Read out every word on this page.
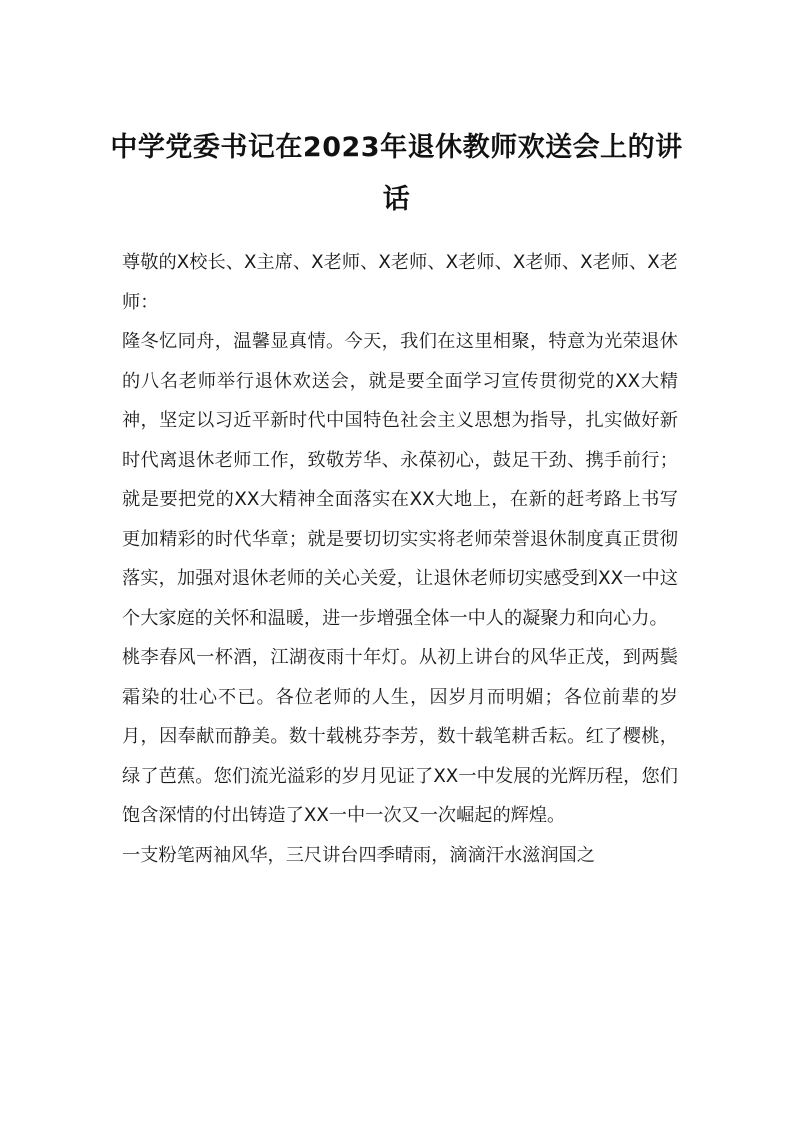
中学党委书记在2023年退休教师欢送会上的讲话

尊敬的X校长、X主席、X老师、X老师、X老师、X老师、X老师、X老师：

隆冬忆同舟，温馨显真情。今天，我们在这里相聚，特意为光荣退休的八名老师举行退休欢送会，就是要全面学习宣传贯彻党的XX大精神，坚定以习近平新时代中国特色社会主义思想为指导，扎实做好新时代离退休老师工作，致敬芳华、永葆初心，鼓足干劲、携手前行；就是要把党的XX大精神全面落实在XX大地上，在新的赶考路上书写更加精彩的时代华章；就是要切切实实将老师荣誉退休制度真正贯彻落实，加强对退休老师的关心关爱，让退休老师切实感受到XX一中这个大家庭的关怀和温暖，进一步增强全体一中人的凝聚力和向心力。

桃李春风一杯酒，江湖夜雨十年灯。从初上讲台的风华正茂，到两鬓霜染的壮心不已。各位老师的人生，因岁月而明媚；各位前辈的岁月，因奉献而静美。数十载桃芬李芳，数十载笔耕舌耘。红了樱桃，绿了芭蕉。您们流光溢彩的岁月见证了XX一中发展的光辉历程，您们饱含深情的付出铸造了XX一中一次又一次崛起的辉煌。

一支粉笔两袖风华，三尺讲台四季晴雨，滴滴汗水滋润国之
